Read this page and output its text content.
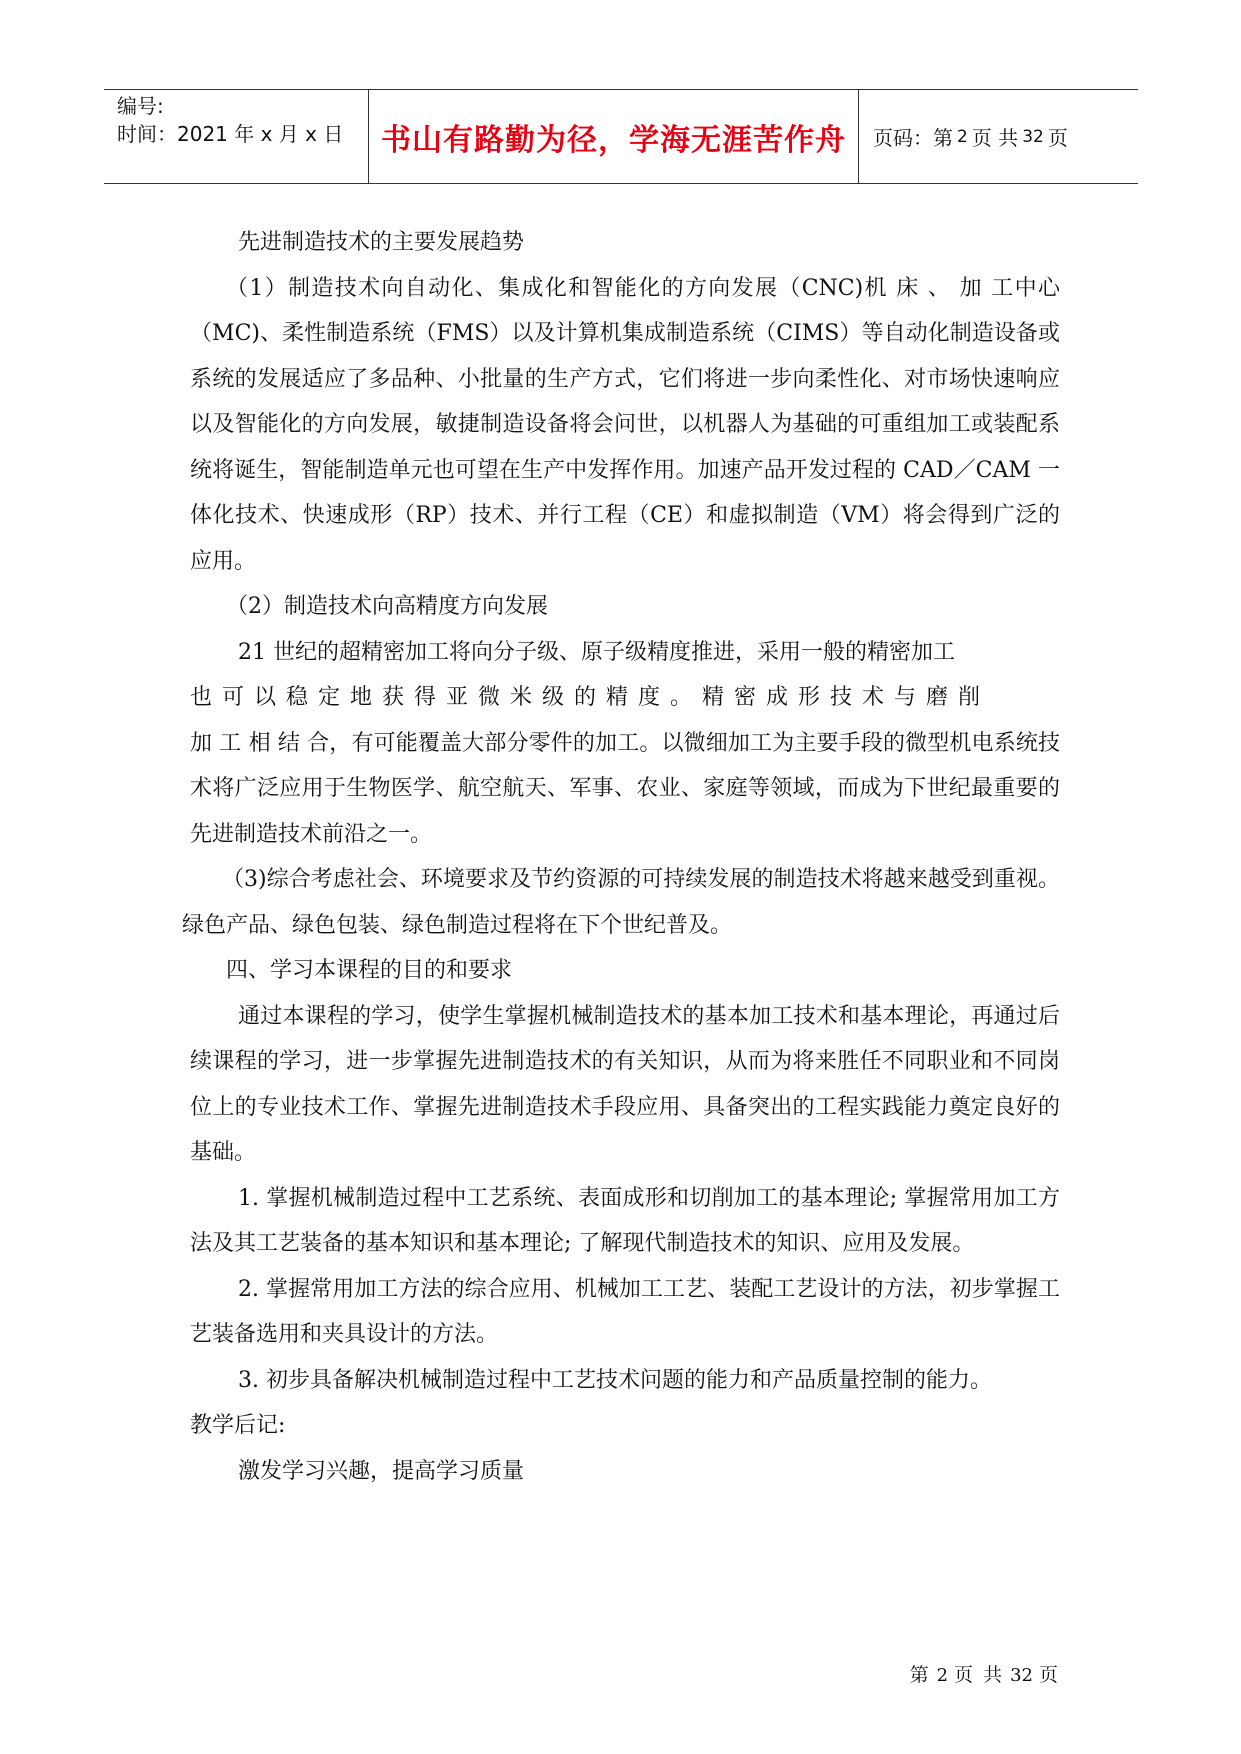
编号:
时间：2021 年 x 月 x 日	书山有路勤为径，学海无涯苦作舟	页码：第 2 页 共 32 页

先进制造技术的主要发展趋势

（1）制造技术向自动化、集成化和智能化的方向发展（CNC)机 床 、 加 工中心（MC)、柔性制造系统（FMS）以及计算机集成制造系统（CIMS）等自动化制造设备或系统的发展适应了多品种、小批量的生产方式，它们将进一步向柔性化、对市场快速响应以及智能化的方向发展，敏捷制造设备将会问世，以机器人为基础的可重组加工或装配系统将诞生，智能制造单元也可望在生产中发挥作用。加速产品开发过程的 CAD／CAM 一体化技术、快速成形（RP）技术、并行工程（CE）和虚拟制造（VM）将会得到广泛的应用。

（2）制造技术向高精度方向发展

21 世纪的超精密加工将向分子级、原子级精度推进，采用一般的精密加工

也可以稳定地获得亚微米级的精度。精密成形技术与磨削

加 工 相 结 合，有可能覆盖大部分零件的加工。以微细加工为主要手段的微型机电系统技术将广泛应用于生物医学、航空航天、军事、农业、家庭等领域，而成为下世纪最重要的先进制造技术前沿之一。

（3)综合考虑社会、环境要求及节约资源的可持续发展的制造技术将越来越受到重视。绿色产品、绿色包装、绿色制造过程将在下个世纪普及。

四、学习本课程的目的和要求

通过本课程的学习，使学生掌握机械制造技术的基本加工技术和基本理论，再通过后续课程的学习，进一步掌握先进制造技术的有关知识，从而为将来胜任不同职业和不同岗位上的专业技术工作、掌握先进制造技术手段应用、具备突出的工程实践能力奠定良好的基础。

1. 掌握机械制造过程中工艺系统、表面成形和切削加工的基本理论; 掌握常用加工方法及其工艺装备的基本知识和基本理论; 了解现代制造技术的知识、应用及发展。

2. 掌握常用加工方法的综合应用、机械加工工艺、装配工艺设计的方法，初步掌握工艺装备选用和夹具设计的方法。

3. 初步具备解决机械制造过程中工艺技术问题的能力和产品质量控制的能力。

教学后记:

激发学习兴趣，提高学习质量

第 2 页 共 32 页
